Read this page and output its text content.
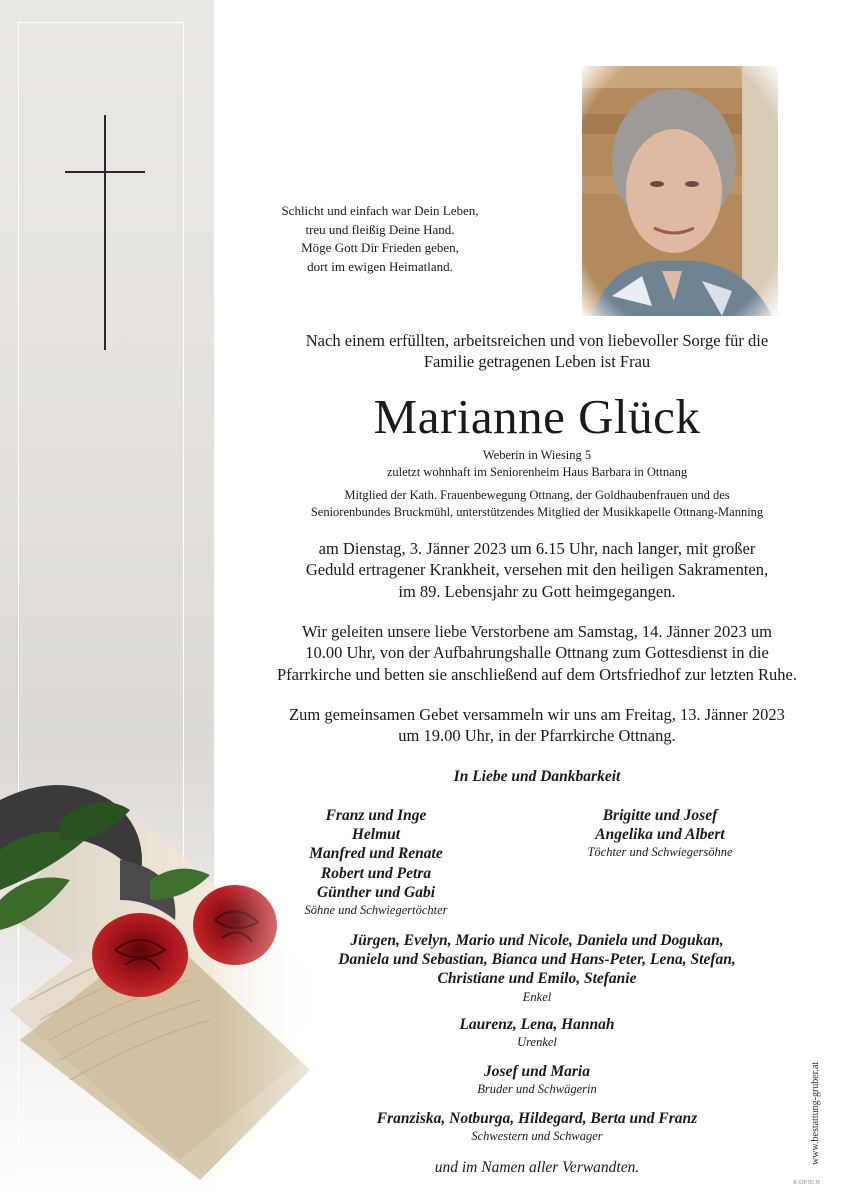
Schlicht und einfach war Dein Leben,
treu und fleißig Deine Hand.
Möge Gott Dir Frieden geben,
dort im ewigen Heimatland.
Nach einem erfüllten, arbeitsreichen und von liebevoller Sorge für die
Familie getragenen Leben ist Frau
Marianne Glück
Weberin in Wiesing 5
zuletzt wohnhaft im Seniorenheim Haus Barbara in Ottnang
Mitglied der Kath. Frauenbewegung Ottnang, der Goldhaubenfrauen und des
Seniorenbundes Bruckmühl, unterstützendes Mitglied der Musikkapelle Ottnang-Manning
am Dienstag, 3. Jänner 2023 um 6.15 Uhr, nach langer, mit großer
Geduld ertragener Krankheit, versehen mit den heiligen Sakramenten,
im 89. Lebensjahr zu Gott heimgegangen.
Wir geleiten unsere liebe Verstorbene am Samstag, 14. Jänner 2023 um
10.00 Uhr, von der Aufbahrungshalle Ottnang zum Gottesdienst in die
Pfarrkirche und betten sie anschließend auf dem Ortsfriedhof zur letzten Ruhe.
Zum gemeinsamen Gebet versammeln wir uns am Freitag, 13. Jänner 2023
um 19.00 Uhr, in der Pfarrkirche Ottnang.
In Liebe und Dankbarkeit
Franz und Inge
Helmut
Manfred und Renate
Robert und Petra
Günther und Gabi
Söhne und Schwiegertöchter
Brigitte und Josef
Angelika und Albert
Töchter und Schwiegersöhne
Jürgen, Evelyn, Mario und Nicole, Daniela und Dogukan,
Daniela und Sebastian, Bianca und Hans-Peter, Lena, Stefan,
Christiane und Emilo, Stefanie
Enkel
Laurenz, Lena, Hannah
Urenkel
Josef und Maria
Bruder und Schwägerin
Franziska, Notburga, Hildegard, Berta und Franz
Schwestern und Schwager
und im Namen aller Verwandten.
www.bestattung-gruber.at
R-DP 95 N
